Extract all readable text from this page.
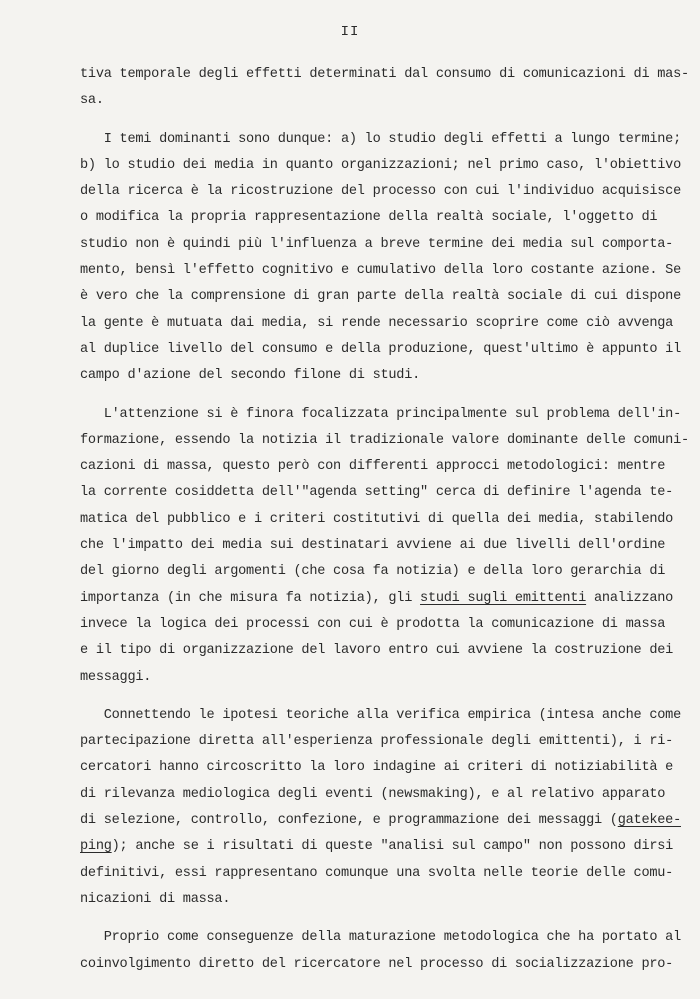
II

tiva temporale degli effetti determinati dal consumo di comunicazioni di mas-
sa.

I temi dominanti sono dunque: a) lo studio degli effetti a lungo termine;
b) lo studio dei media in quanto organizzazioni; nel primo caso, l'obiettivo
della ricerca è la ricostruzione del processo con cui l'individuo acquisisce
o modifica la propria rappresentazione della realtà sociale, l'oggetto di
studio non è quindi più l'influenza a breve termine dei media sul comporta-
mento, bensì l'effetto cognitivo e cumulativo della loro costante azione. Se
è vero che la comprensione di gran parte della realtà sociale di cui dispone
la gente è mutuata dai media, si rende necessario scoprire come ciò avvenga
al duplice livello del consumo e della produzione, quest'ultimo è appunto il
campo d'azione del secondo filone di studi.

L'attenzione si è finora focalizzata principalmente sul problema dell'in-
formazione, essendo la notizia il tradizionale valore dominante delle comuni-
cazioni di massa, questo però con differenti approcci metodologici: mentre
la corrente cosiddetta dell'"agenda setting" cerca di definire l'agenda te-
matica del pubblico e i criteri costitutivi di quella dei media, stabilendo
che l'impatto dei media sui destinatari avviene ai due livelli dell'ordine
del giorno degli argomenti (che cosa fa notizia) e della loro gerarchia di
importanza (in che misura fa notizia), gli studi sugli emittenti analizzano
invece la logica dei processi con cui è prodotta la comunicazione di massa
e il tipo di organizzazione del lavoro entro cui avviene la costruzione dei
messaggi.

Connettendo le ipotesi teoriche alla verifica empirica (intesa anche come
partecipazione diretta all'esperienza professionale degli emittenti), i ri-
cercatori hanno circoscritto la loro indagine ai criteri di notiziabilità e
di rilevanza mediologica degli eventi (newsmaking), e al relativo apparato
di selezione, controllo, confezione, e programmazione dei messaggi (gatekee-
ping); anche se i risultati di queste "analisi sul campo" non possono dirsi
definitivi, essi rappresentano comunque una svolta nelle teorie delle comu-
nicazioni di massa.

Proprio come conseguenze della maturazione metodologica che ha portato al
coinvolgimento diretto del ricercatore nel processo di socializzazione pro-
